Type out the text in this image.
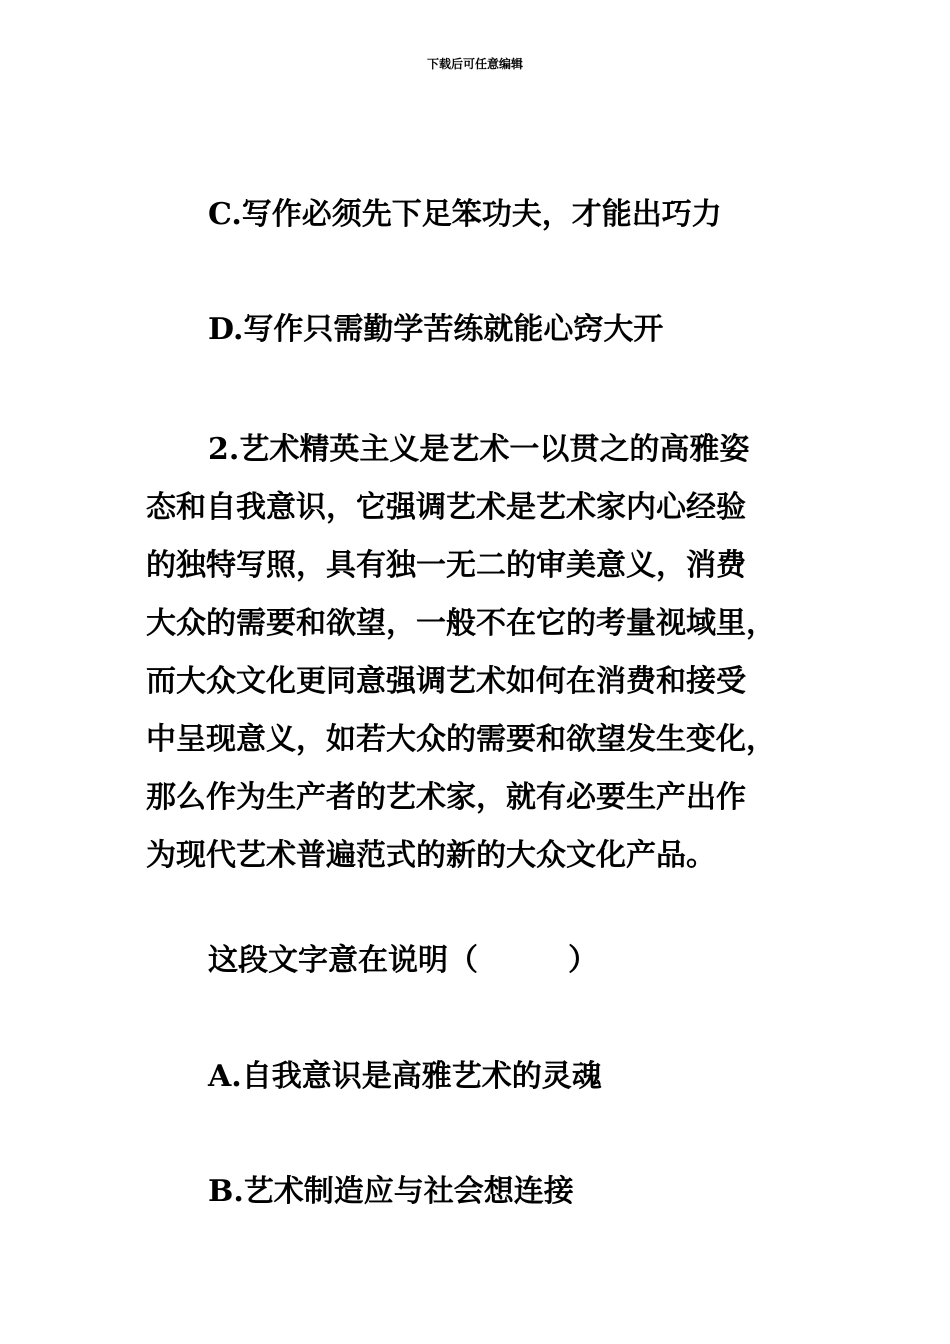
下载后可任意编辑
C.写作必须先下足笨功夫，才能出巧力
D.写作只需勤学苦练就能心窍大开
2.艺术精英主义是艺术一以贯之的高雅姿
态和自我意识，它强调艺术是艺术家内心经验
的独特写照，具有独一无二的审美意义，消费
大众的需要和欲望，一般不在它的考量视域里，
而大众文化更同意强调艺术如何在消费和接受
中呈现意义，如若大众的需要和欲望发生变化，
那么作为生产者的艺术家，就有必要生产出作
为现代艺术普遍范式的新的大众文化产品。
这段文字意在说明（	）
A.自我意识是高雅艺术的灵魂
B.艺术制造应与社会想连接
